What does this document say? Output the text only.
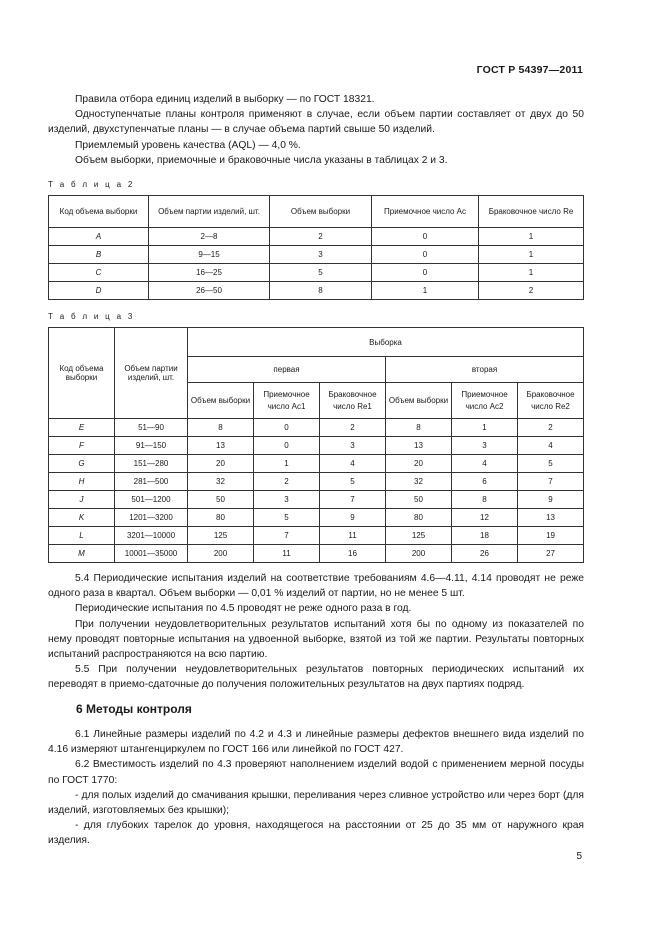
ГОСТ Р 54397—2011

Правила отбора единиц изделий в выборку — по ГОСТ 18321.

Одноступенчатые планы контроля применяют в случае, если объем партии составляет от двух до 50 изделий, двухступенчатые планы — в случае объема партий свыше 50 изделий.

Приемлемый уровень качества (AQL) — 4,0 %.

Объем выборки, приемочные и браковочные числа указаны в таблицах 2 и 3.

Т а б л и ц а 2
Код объема выборки	Объем партии изделий, шт.	Объем выборки	Приемочное число Ac	Браковочное число Re
A	2—8	2	0	1
B	9—15	3	0	1
C	16—25	5	0	1
D	26—50	8	1	2
Т а б л и ц а 3
Код объема выборки	Объем партии изделий, шт.	Выборка					
		первая			вторая		
		Объем выборки	Приемочное число Ac1	Браковочное число Re1	Объем выборки	Приемочное число Ac2	Браковочное число Re2
E	51—90	8	0	2	8	1	2
F	91—150	13	0	3	13	3	4
G	151—280	20	1	4	20	4	5
H	281—500	32	2	5	32	6	7
J	501—1200	50	3	7	50	8	9
K	1201—3200	80	5	9	80	12	13
L	3201—10000	125	7	11	125	18	19
M	10001—35000	200	11	16	200	26	27

5.4 Периодические испытания изделий на соответствие требованиям 4.6—4.11, 4.14 проводят не реже одного раза в квартал. Объем выборки — 0,01 % изделий от партии, но не менее 5 шт.

Периодические испытания по 4.5 проводят не реже одного раза в год.

При получении неудовлетворительных результатов испытаний хотя бы по одному из показателей по нему проводят повторные испытания на удвоенной выборке, взятой из той же партии. Результаты повторных испытаний распространяются на всю партию.

5.5 При получении неудовлетворительных результатов повторных периодических испытаний их переводят в приемо-сдаточные до получения положительных результатов на двух партиях подряд.

6 Методы контроля

6.1 Линейные размеры изделий по 4.2 и 4.3 и линейные размеры дефектов внешнего вида изделий по 4.16 измеряют штангенциркулем по ГОСТ 166 или линейкой по ГОСТ 427.

6.2 Вместимость изделий по 4.3 проверяют наполнением изделий водой с применением мерной посуды по ГОСТ 1770:

- для полых изделий до смачивания крышки, переливания через сливное устройство или через борт (для изделий, изготовляемых без крышки);

- для глубоких тарелок до уровня, находящегося на расстоянии от 25 до 35 мм от наружного края изделия.

5
